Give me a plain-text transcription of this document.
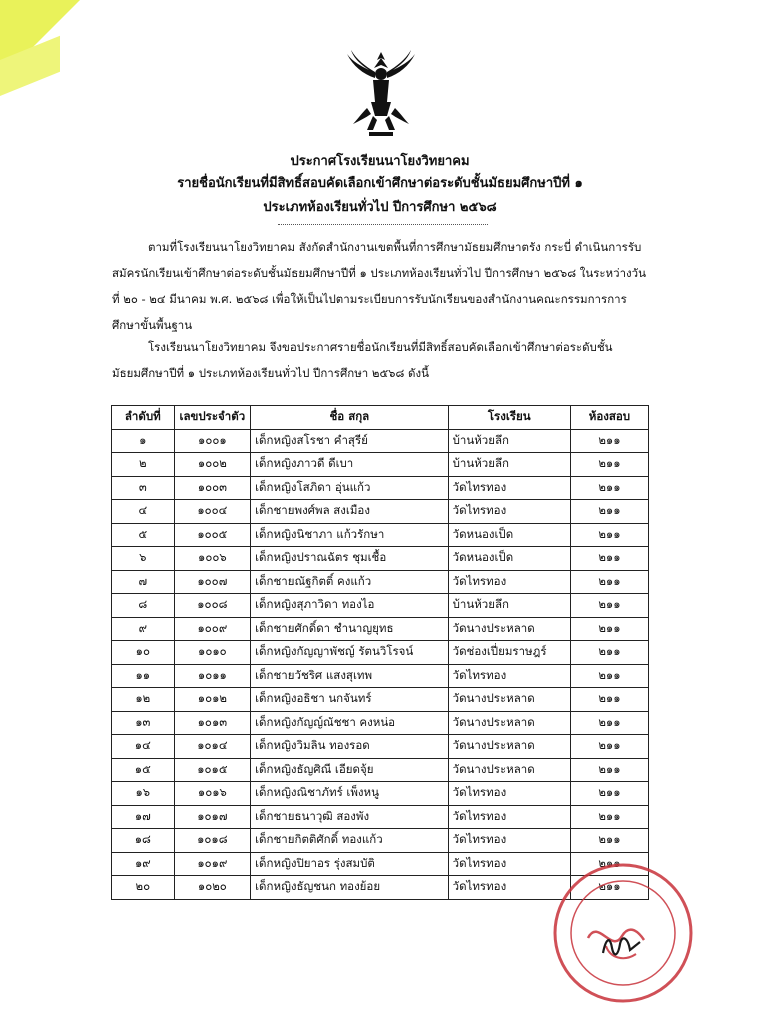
ประกาศโรงเรียนนาโยงวิทยาคม
รายชื่อนักเรียนที่มีสิทธิ์สอบคัดเลือกเข้าศึกษาต่อระดับชั้นมัธยมศึกษาปีที่ ๑
ประเภทห้องเรียนทั่วไป ปีการศึกษา ๒๕๖๘
ตามที่โรงเรียนนาโยงวิทยาคม สังกัดสำนักงานเขตพื้นที่การศึกษามัธยมศึกษาตรัง กระบี่ ดำเนินการรับสมัครนักเรียนเข้าศึกษาต่อระดับชั้นมัธยมศึกษาปีที่ ๑ ประเภทห้องเรียนทั่วไป ปีการศึกษา ๒๕๖๘ ในระหว่างวันที่ ๒๐ - ๒๔ มีนาคม พ.ศ. ๒๕๖๘ เพื่อให้เป็นไปตามระเบียบการรับนักเรียนของสำนักงานคณะกรรมการการศึกษาขั้นพื้นฐาน
โรงเรียนนาโยงวิทยาคม จึงขอประกาศรายชื่อนักเรียนที่มีสิทธิ์สอบคัดเลือกเข้าศึกษาต่อระดับชั้นมัธยมศึกษาปีที่ ๑ ประเภทห้องเรียนทั่วไป ปีการศึกษา ๒๕๖๘ ดังนี้
ลำดับที่	เลขประจำตัว	ชื่อ สกุล	โรงเรียน	ห้องสอบ
๑	๑๐๐๑	เด็กหญิงสโรชา คำสุรีย์	บ้านห้วยลึก	๒๑๑
๒	๑๐๐๒	เด็กหญิงภาวดี ดีเบา	บ้านห้วยลึก	๒๑๑
๓	๑๐๐๓	เด็กหญิงโสภิดา อุ่นแก้ว	วัดไทรทอง	๒๑๑
๔	๑๐๐๔	เด็กชายพงศ์พล สงเมือง	วัดไทรทอง	๒๑๑
๕	๑๐๐๕	เด็กหญิงนิชาภา แก้วรักษา	วัดหนองเป็ด	๒๑๑
๖	๑๐๐๖	เด็กหญิงปราณฉัตร ชุมเชื้อ	วัดหนองเป็ด	๒๑๑
๗	๑๐๐๗	เด็กชายณัฐกิตติ์ คงแก้ว	วัดไทรทอง	๒๑๑
๘	๑๐๐๘	เด็กหญิงสุภาวิดา ทองไอ	บ้านห้วยลึก	๒๑๑
๙	๑๐๐๙	เด็กชายศักดิ์ดา ชำนาญยุทธ	วัดนางประหลาด	๒๑๑
๑๐	๑๐๑๐	เด็กหญิงกัญญาพัชญ์ รัตนวิโรจน์	วัดช่องเปี่ยมราษฎร์	๒๑๑
๑๑	๑๐๑๑	เด็กชายวัชริศ แสงสุเทพ	วัดไทรทอง	๒๑๑
๑๒	๑๐๑๒	เด็กหญิงอธิชา นกจันทร์	วัดนางประหลาด	๒๑๑
๑๓	๑๐๑๓	เด็กหญิงกัญญ์ณัชชา คงหน่อ	วัดนางประหลาด	๒๑๑
๑๔	๑๐๑๔	เด็กหญิงวิมลิน ทองรอด	วัดนางประหลาด	๒๑๑
๑๕	๑๐๑๕	เด็กหญิงธัญศิณี เอียดจุ้ย	วัดนางประหลาด	๒๑๑
๑๖	๑๐๑๖	เด็กหญิงณิชาภัทร์ เพ็งหนู	วัดไทรทอง	๒๑๑
๑๗	๑๐๑๗	เด็กชายธนาวุฒิ สองพัง	วัดไทรทอง	๒๑๑
๑๘	๑๐๑๘	เด็กชายกิตติศักดิ์ ทองแก้ว	วัดไทรทอง	๒๑๑
๑๙	๑๐๑๙	เด็กหญิงปิยาอร รุ่งสมบัติ	วัดไทรทอง	๒๑๑
๒๐	๑๐๒๐	เด็กหญิงธัญชนก ทองย้อย	วัดไทรทอง	๒๑๑
